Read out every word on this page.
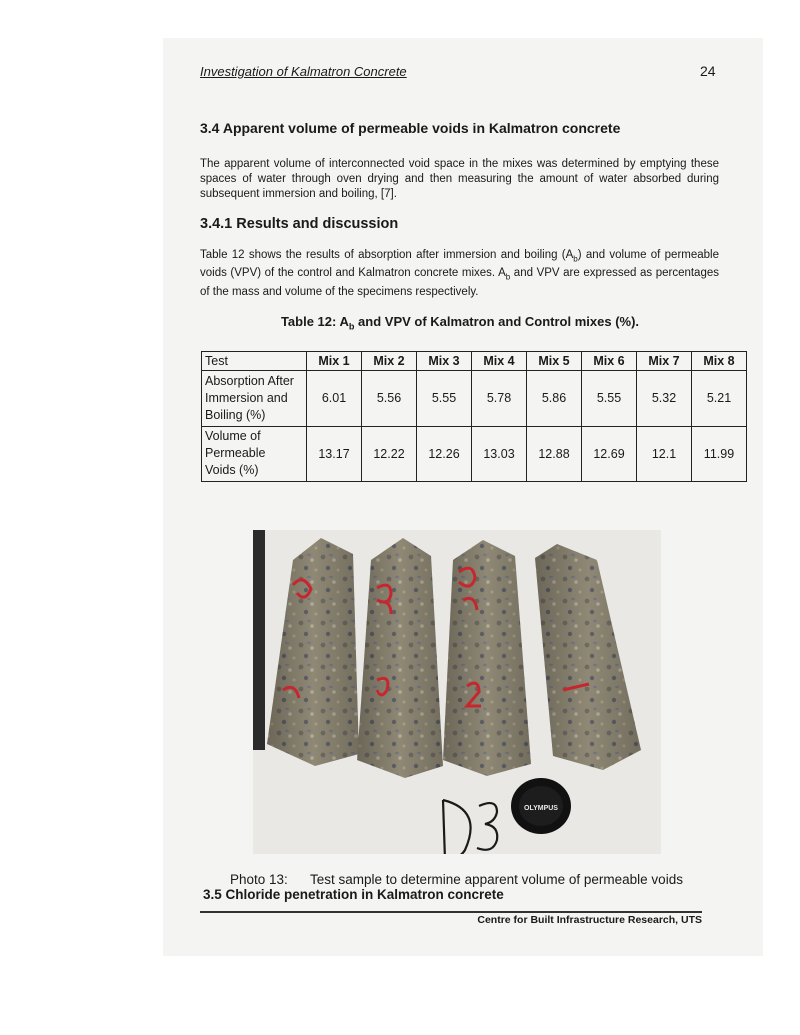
Investigation of Kalmatron Concrete	24
3.4 Apparent volume of permeable voids in Kalmatron concrete
The apparent volume of interconnected void space in the mixes was determined by emptying these spaces of water through oven drying and then measuring the amount of water absorbed during subsequent immersion and boiling, [7].
3.4.1 Results and discussion
Table 12 shows the results of absorption after immersion and boiling $(A_b)$ and volume of permeable voids (VPV) of the control and Kalmatron concrete mixes. $A_b$ and VPV are expressed as percentages of the mass and volume of the specimens respectively.
Table 12: $A_b$ and VPV of Kalmatron and Control mixes (%).
Test	Mix 1	Mix 2	Mix 3	Mix 4	Mix 5	Mix 6	Mix 7	Mix 8
Absorption After
Immersion and
Boiling (%)	6.01	5.56	5.55	5.78	5.86	5.55	5.32	5.21
Volume of
Permeable
Voids (%)	13.17	12.22	12.26	13.03	12.88	12.69	12.1	11.99
OLYMPUS
Photo 13: Test sample to determine apparent volume of permeable voids
3.5 Chloride penetration in Kalmatron concrete
Centre for Built Infrastructure Research, UTS
